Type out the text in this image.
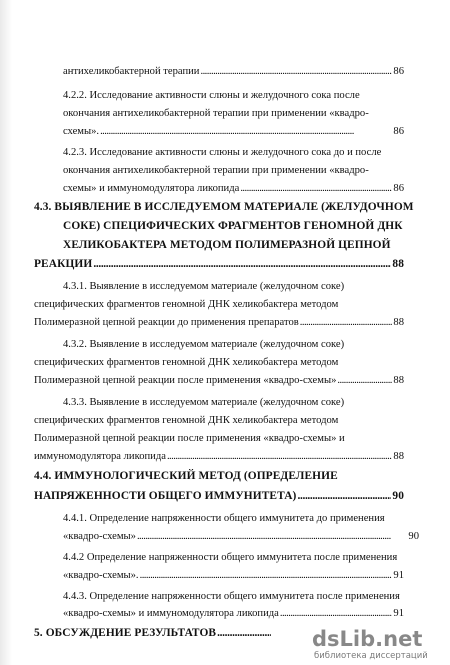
антихеликобактерной терапии . . .	86
4.2.2. Исследование активности слюны и желудочного сока после
окончания антихеликобактерной терапии при применении «квадро-
схемы». . . .	86
4.2.3. Исследование активности слюны и желудочного сока до и после
окончания антихеликобактерной терапии при применении «квадро-
схемы» и иммуномодулятора ликопида . . .	86
4.3. ВЫЯВЛЕНИЕ В ИССЛЕДУЕМОМ МАТЕРИАЛЕ (ЖЕЛУДОЧНОМ
СОКЕ) СПЕЦИФИЧЕСКИХ ФРАГМЕНТОВ ГЕНОМНОЙ ДНК
ХЕЛИКОБАКТЕРА МЕТОДОМ ПОЛИМЕРАЗНОЙ ЦЕПНОЙ
РЕАКЦИИ . . .	88
4.3.1. Выявление в исследуемом материале (желудочном соке)
специфических фрагментов геномной ДНК хеликобактера методом
Полимеразной цепной реакции до применения препаратов . . .	88
4.3.2. Выявление в исследуемом материале (желудочном соке)
специфических фрагментов геномной ДНК хеликобактера методом
Полимеразной цепной реакции после применения «квадро-схемы» . . .	88
4.3.3. Выявление в исследуемом материале (желудочном соке)
специфических фрагментов геномной ДНК хеликобактера методом
Полимеразной цепной реакции после применения «квадро-схемы» и
иммуномодулятора ликопида . . .	88
4.4. ИММУНОЛОГИЧЕСКИЙ МЕТОД (ОПРЕДЕЛЕНИЕ
НАПРЯЖЕННОСТИ ОБЩЕГО ИММУНИТЕТА) . . .	90
4.4.1. Определение напряженности общего иммунитета до применения
«квадро-схемы» . . .	90
4.4.2 Определение напряженности общего иммунитета после применения
«квадро-схемы». . . .	91
4.4.3. Определение напряженности общего иммунитета после применения
«квадро-схемы» и иммуномодулятора ликопида . . .	91
5. ОБСУЖДЕНИЕ РЕЗУЛЬТАТОВ . . .	dsLib.net
библиотека диссертаций
